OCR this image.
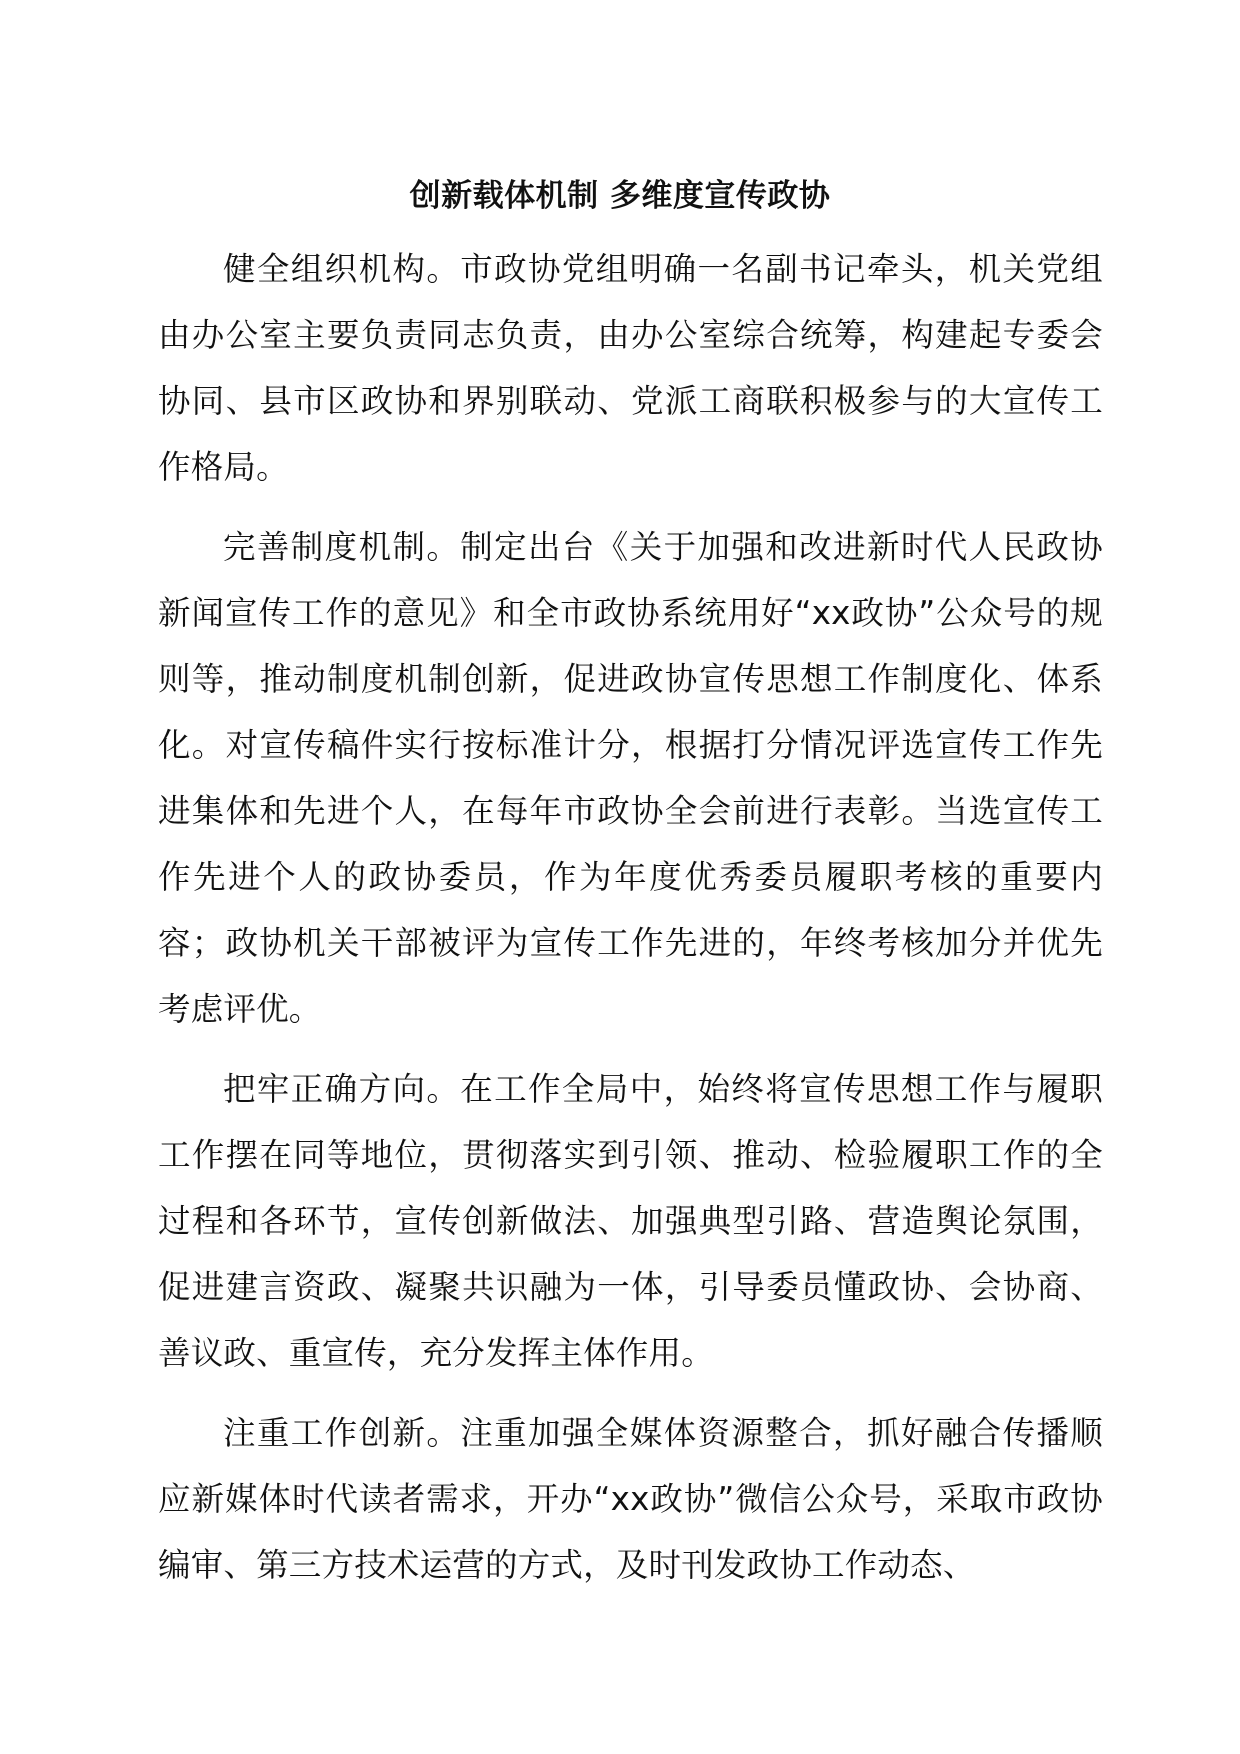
创新载体机制 多维度宣传政协

健全组织机构。市政协党组明确一名副书记牵头，机关党组由办公室主要负责同志负责，由办公室综合统筹，构建起专委会协同、县市区政协和界别联动、党派工商联积极参与的大宣传工作格局。

完善制度机制。制定出台《关于加强和改进新时代人民政协新闻宣传工作的意见》和全市政协系统用好“xx政协”公众号的规则等，推动制度机制创新，促进政协宣传思想工作制度化、体系化。对宣传稿件实行按标准计分，根据打分情况评选宣传工作先进集体和先进个人，在每年市政协全会前进行表彰。当选宣传工作先进个人的政协委员，作为年度优秀委员履职考核的重要内容；政协机关干部被评为宣传工作先进的，年终考核加分并优先考虑评优。

把牢正确方向。在工作全局中，始终将宣传思想工作与履职工作摆在同等地位，贯彻落实到引领、推动、检验履职工作的全过程和各环节，宣传创新做法、加强典型引路、营造舆论氛围，促进建言资政、凝聚共识融为一体，引导委员懂政协、会协商、善议政、重宣传，充分发挥主体作用。

注重工作创新。注重加强全媒体资源整合，抓好融合传播顺应新媒体时代读者需求，开办“xx政协”微信公众号，采取市政协编审、第三方技术运营的方式，及时刊发政协工作动态、
